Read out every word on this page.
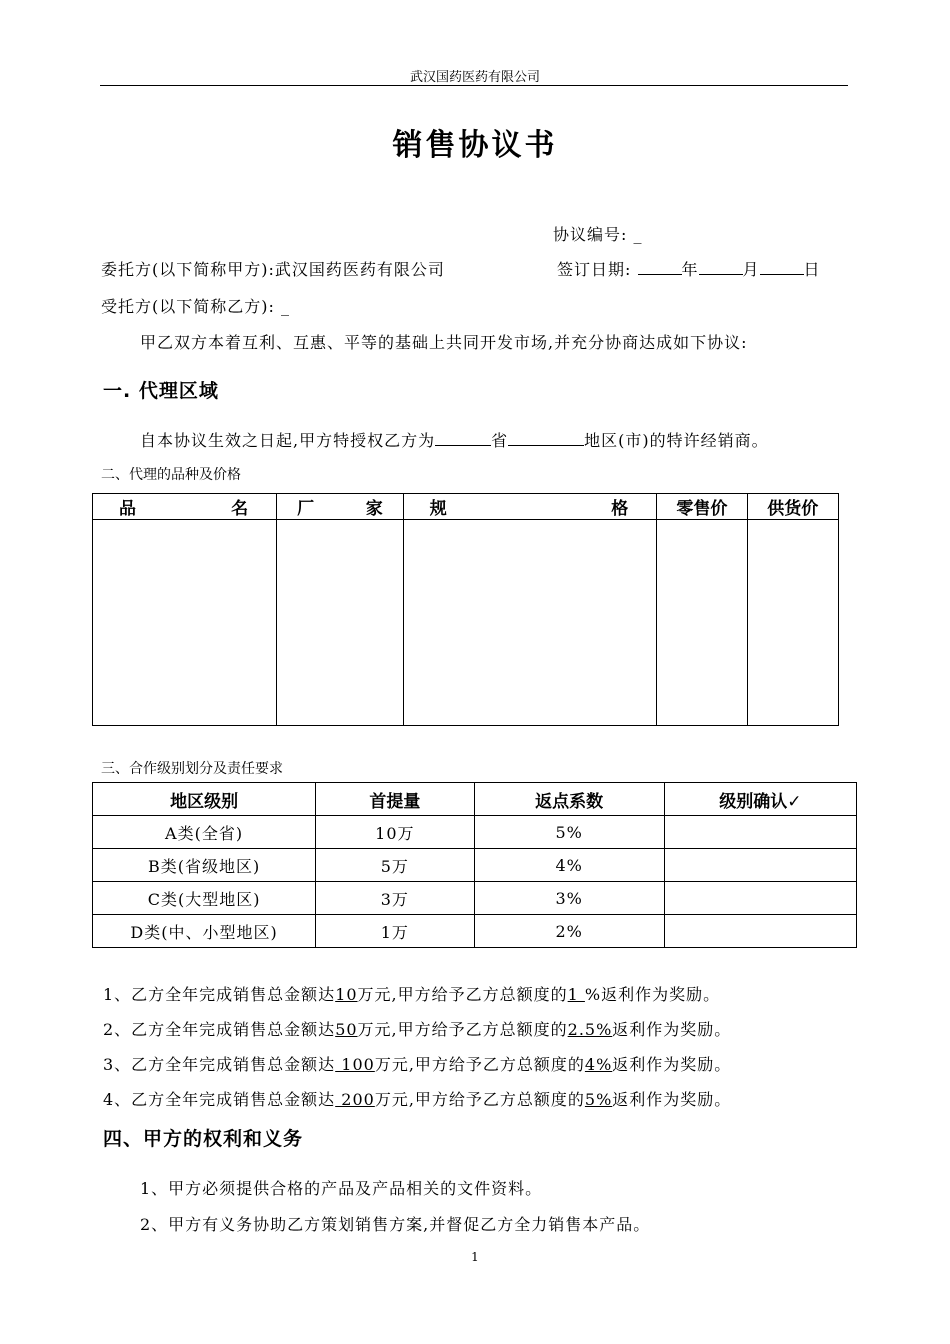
武汉国药医药有限公司
销售协议书
协议编号: _
委托方(以下简称甲方):武汉国药医药有限公司	签订日期:	年	月	日
受托方(以下简称乙方): _
甲乙双方本着互利、互惠、平等的基础上共同开发市场,并充分协商达成如下协议:
一. 代理区域
自本协议生效之日起,甲方特授权乙方为	省	地区(市)的特许经销商。
二、代理的品种及价格
品 名	厂 家	规 格	零售价	供货价

三、合作级别划分及责任要求
地区级别	首提量	返点系数	级别确认✓
A类(全省)	10万	5%	
B类(省级地区)	5万	4%	
C类(大型地区)	3万	3%	
D类(中、小型地区)	1万	2%	
1、乙方全年完成销售总金额达10万元,甲方给予乙方总额度的1 %返利作为奖励。
2、乙方全年完成销售总金额达50万元,甲方给予乙方总额度的2.5%返利作为奖励。
3、乙方全年完成销售总金额达 100万元,甲方给予乙方总额度的4%返利作为奖励。
4、乙方全年完成销售总金额达 200万元,甲方给予乙方总额度的5%返利作为奖励。
四、甲方的权利和义务
1、甲方必须提供合格的产品及产品相关的文件资料。
2、甲方有义务协助乙方策划销售方案,并督促乙方全力销售本产品。
1
